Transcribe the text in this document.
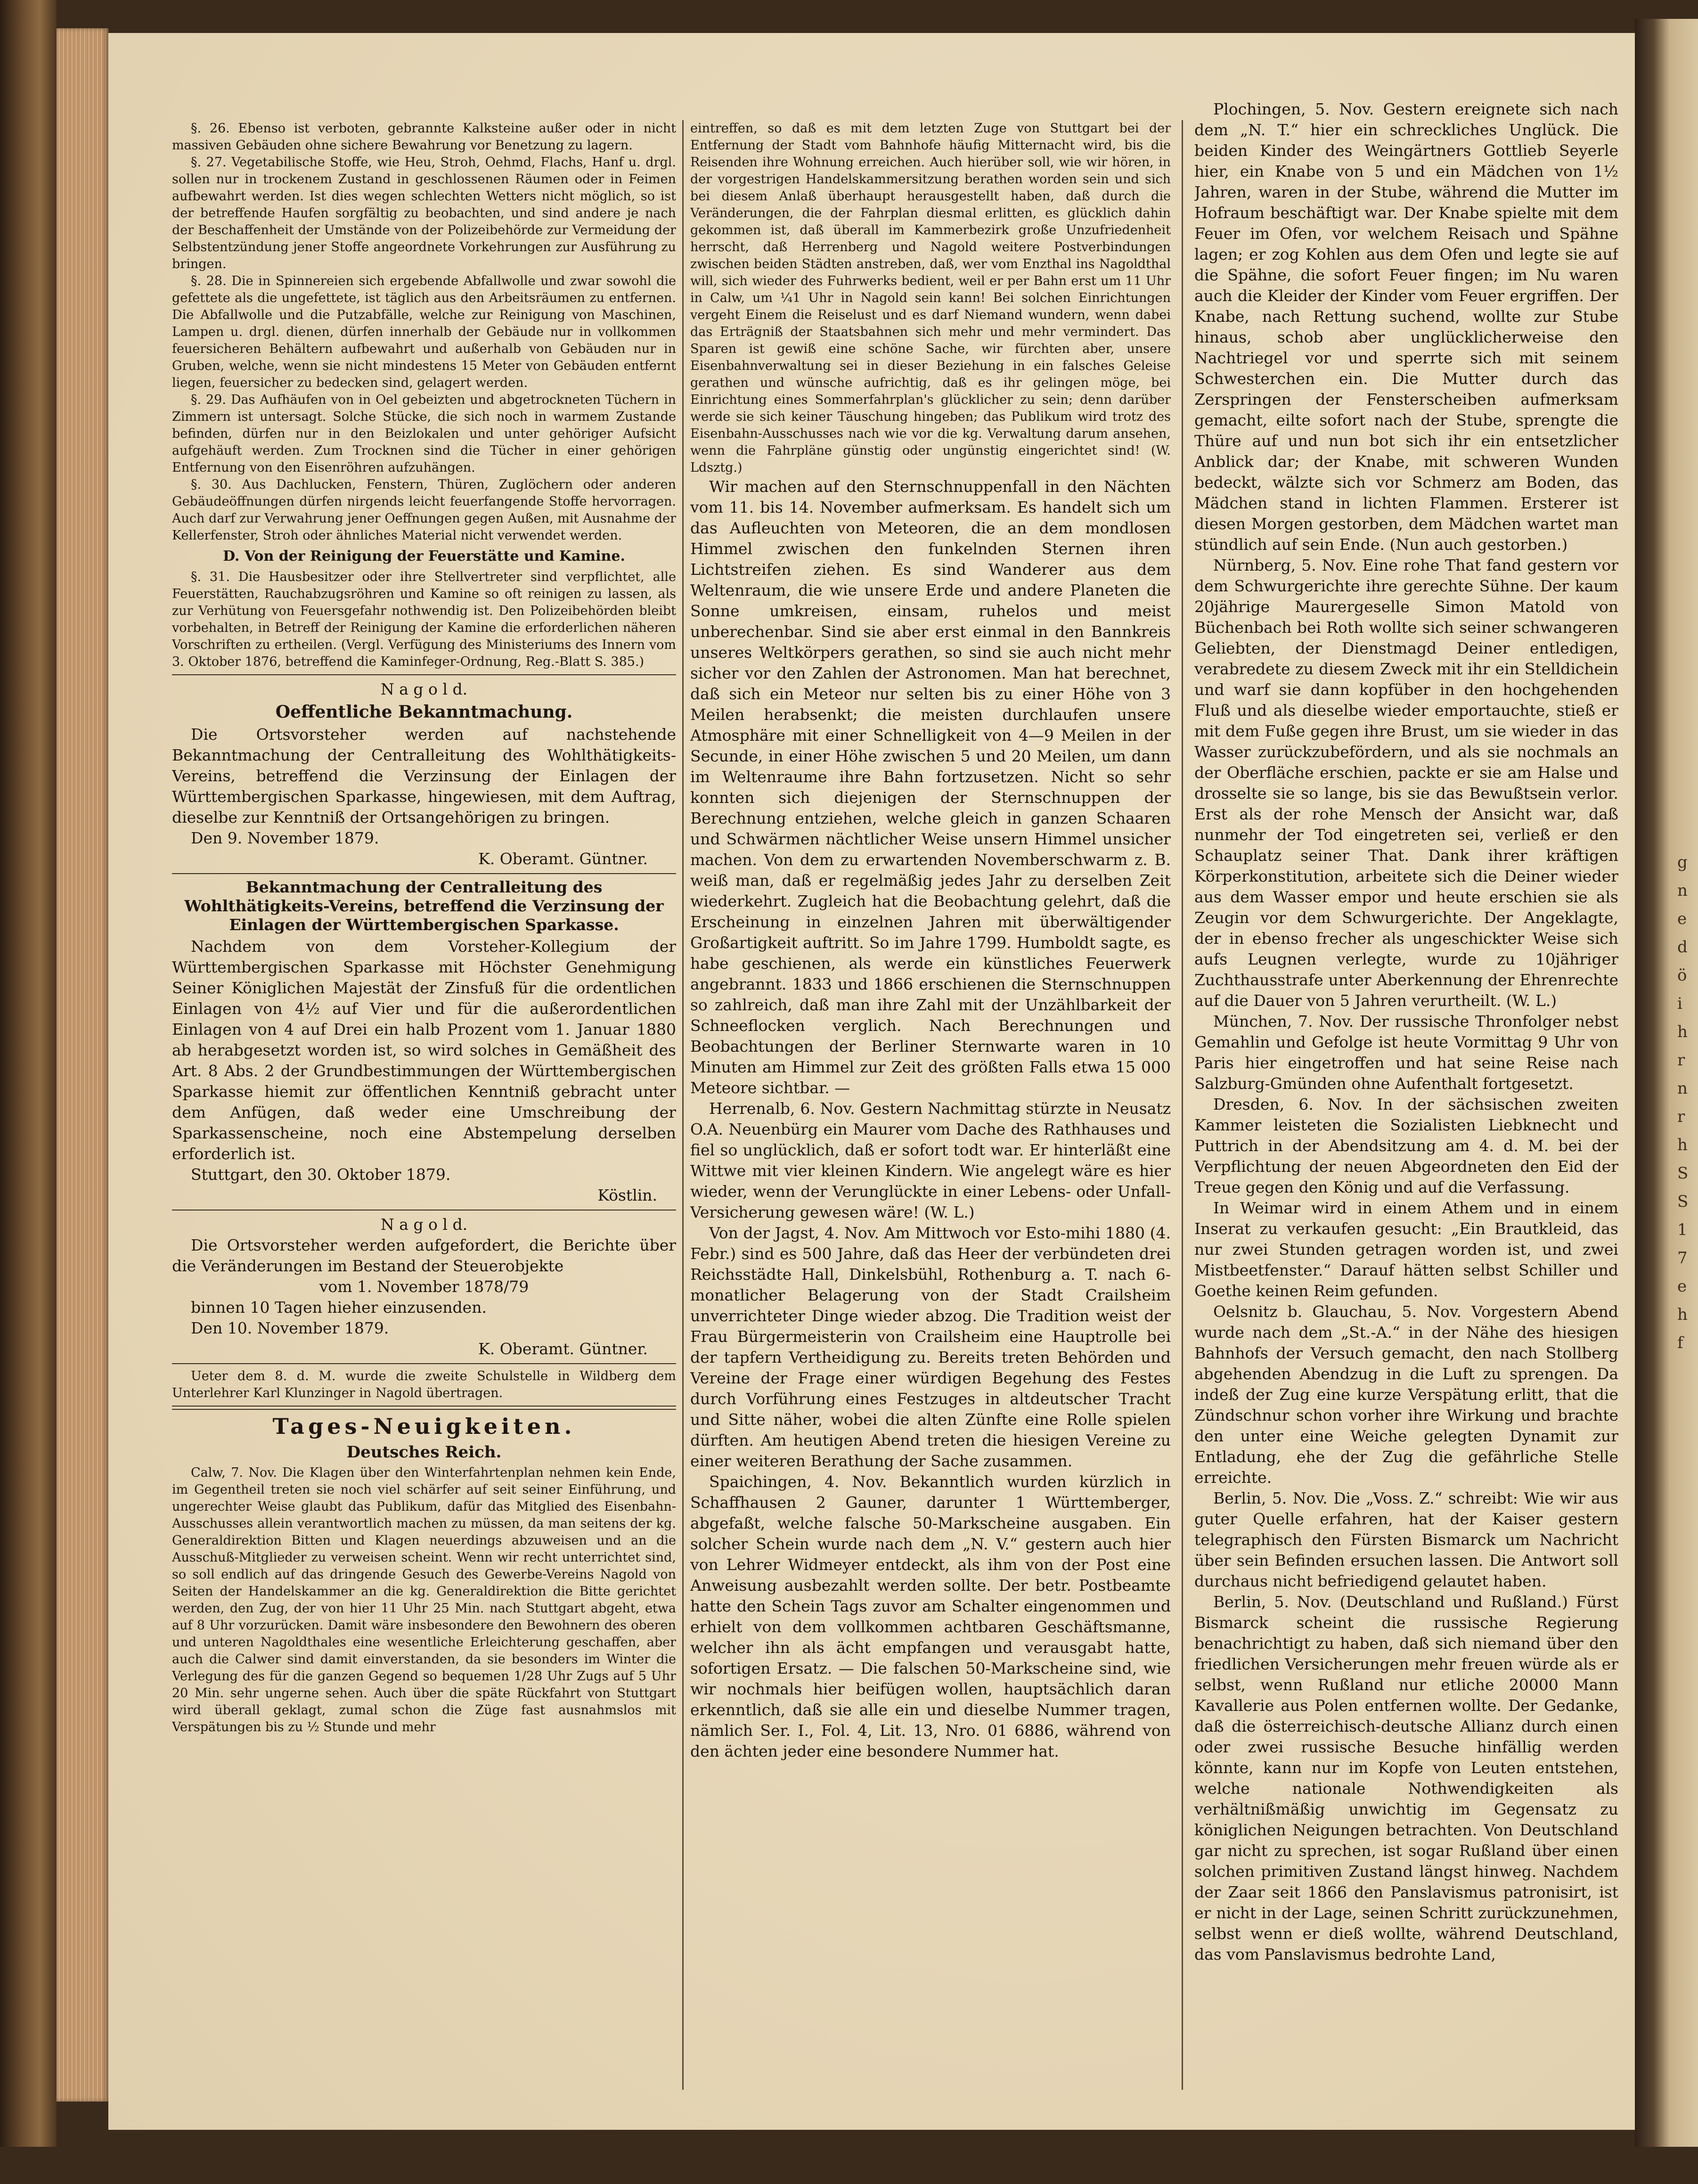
g n e d ö i h r n r h S S 1 7 e h f

§. 26. Ebenso ist verboten, gebrannte Kalksteine außer oder in nicht massiven Gebäuden ohne sichere Bewahrung vor Benetzung zu lagern.

§. 27. Vegetabilische Stoffe, wie Heu, Stroh, Oehmd, Flachs, Hanf u. drgl. sollen nur in trockenem Zustand in geschlossenen Räumen oder in Feimen aufbewahrt werden. Ist dies wegen schlechten Wetters nicht möglich, so ist der betreffende Haufen sorgfältig zu beobachten, und sind andere je nach der Beschaffenheit der Umstände von der Polizeibehörde zur Vermeidung der Selbstentzündung jener Stoffe angeordnete Vorkehrungen zur Ausführung zu bringen.

§. 28. Die in Spinnereien sich ergebende Abfallwolle und zwar sowohl die gefettete als die ungefettete, ist täglich aus den Arbeitsräumen zu entfernen. Die Abfallwolle und die Putzabfälle, welche zur Reinigung von Maschinen, Lampen u. drgl. dienen, dürfen innerhalb der Gebäude nur in vollkommen feuersicheren Behältern aufbewahrt und außerhalb von Gebäuden nur in Gruben, welche, wenn sie nicht mindestens 15 Meter von Gebäuden entfernt liegen, feuersicher zu bedecken sind, gelagert werden.

§. 29. Das Aufhäufen von in Oel gebeizten und abgetrockneten Tüchern in Zimmern ist untersagt. Solche Stücke, die sich noch in warmem Zustande befinden, dürfen nur in den Beizlokalen und unter gehöriger Aufsicht aufgehäuft werden. Zum Trocknen sind die Tücher in einer gehörigen Entfernung von den Eisenröhren aufzuhängen.

§. 30. Aus Dachlucken, Fenstern, Thüren, Zuglöchern oder anderen Gebäudeöffnungen dürfen nirgends leicht feuerfangende Stoffe hervorragen. Auch darf zur Verwahrung jener Oeffnungen gegen Außen, mit Ausnahme der Kellerfenster, Stroh oder ähnliches Material nicht verwendet werden.

D. Von der Reinigung der Feuerstätte und Kamine.

§. 31. Die Hausbesitzer oder ihre Stellvertreter sind verpflichtet, alle Feuerstätten, Rauchabzugsröhren und Kamine so oft reinigen zu lassen, als zur Verhütung von Feuersgefahr nothwendig ist. Den Polizeibehörden bleibt vorbehalten, in Betreff der Reinigung der Kamine die erforderlichen näheren Vorschriften zu ertheilen. (Vergl. Verfügung des Ministeriums des Innern vom 3. Oktober 1876, betreffend die Kaminfeger-Ordnung, Reg.-Blatt S. 385.)

N a g o l d.
Oeffentliche Bekanntmachung.

Die Ortsvorsteher werden auf nachstehende Bekanntmachung der Centralleitung des Wohlthätigkeits-Vereins, betreffend die Verzinsung der Einlagen der Württembergischen Sparkasse, hingewiesen, mit dem Auftrag, dieselbe zur Kenntniß der Ortsangehörigen zu bringen.

Den 9. November 1879.

K. Oberamt. Güntner.

Bekanntmachung der Centralleitung des Wohlthätigkeits-Vereins, betreffend die Verzinsung der Einlagen der Württembergischen Sparkasse.

Nachdem von dem Vorsteher-Kollegium der Württembergischen Sparkasse mit Höchster Genehmigung Seiner Königlichen Majestät der Zinsfuß für die ordentlichen Einlagen von 4½ auf Vier und für die außerordentlichen Einlagen von 4 auf Drei ein halb Prozent vom 1. Januar 1880 ab herabgesetzt worden ist, so wird solches in Gemäßheit des Art. 8 Abs. 2 der Grundbestimmungen der Württembergischen Sparkasse hiemit zur öffentlichen Kenntniß gebracht unter dem Anfügen, daß weder eine Umschreibung der Sparkassenscheine, noch eine Abstempelung derselben erforderlich ist.

Stuttgart, den 30. Oktober 1879.

Köstlin.

N a g o l d.

Die Ortsvorsteher werden aufgefordert, die Berichte über die Veränderungen im Bestand der Steuerobjekte

vom 1. November 1878/79

binnen 10 Tagen hieher einzusenden.

Den 10. November 1879.

K. Oberamt. Güntner.

Ueter dem 8. d. M. wurde die zweite Schulstelle in Wildberg dem Unterlehrer Karl Klunzinger in Nagold übertragen.

Tages-Neuigkeiten.
Deutsches Reich.

Calw, 7. Nov. Die Klagen über den Winterfahrtenplan nehmen kein Ende, im Gegentheil treten sie noch viel schärfer auf seit seiner Einführung, und ungerechter Weise glaubt das Publikum, dafür das Mitglied des Eisenbahn-Ausschusses allein verantwortlich machen zu müssen, da man seitens der kg. Generaldirektion Bitten und Klagen neuerdings abzuweisen und an die Ausschuß-Mitglieder zu verweisen scheint. Wenn wir recht unterrichtet sind, so soll endlich auf das dringende Gesuch des Gewerbe-Vereins Nagold von Seiten der Handelskammer an die kg. Generaldirektion die Bitte gerichtet werden, den Zug, der von hier 11 Uhr 25 Min. nach Stuttgart abgeht, etwa auf 8 Uhr vorzurücken. Damit wäre insbesondere den Bewohnern des oberen und unteren Nagoldthales eine wesentliche Erleichterung geschaffen, aber auch die Calwer sind damit einverstanden, da sie besonders im Winter die Verlegung des für die ganzen Gegend so bequemen 1/28 Uhr Zugs auf 5 Uhr 20 Min. sehr ungerne sehen. Auch über die späte Rückfahrt von Stuttgart wird überall geklagt, zumal schon die Züge fast ausnahmslos mit Verspätungen bis zu ½ Stunde und mehr

eintreffen, so daß es mit dem letzten Zuge von Stuttgart bei der Entfernung der Stadt vom Bahnhofe häufig Mitternacht wird, bis die Reisenden ihre Wohnung erreichen. Auch hierüber soll, wie wir hören, in der vorgestrigen Handelskammersitzung berathen worden sein und sich bei diesem Anlaß überhaupt herausgestellt haben, daß durch die Veränderungen, die der Fahrplan diesmal erlitten, es glücklich dahin gekommen ist, daß überall im Kammerbezirk große Unzufriedenheit herrscht, daß Herrenberg und Nagold weitere Postverbindungen zwischen beiden Städten anstreben, daß, wer vom Enzthal ins Nagoldthal will, sich wieder des Fuhrwerks bedient, weil er per Bahn erst um 11 Uhr in Calw, um ¼1 Uhr in Nagold sein kann! Bei solchen Einrichtungen vergeht Einem die Reiselust und es darf Niemand wundern, wenn dabei das Erträgniß der Staatsbahnen sich mehr und mehr vermindert. Das Sparen ist gewiß eine schöne Sache, wir fürchten aber, unsere Eisenbahnverwaltung sei in dieser Beziehung in ein falsches Geleise gerathen und wünsche aufrichtig, daß es ihr gelingen möge, bei Einrichtung eines Sommerfahrplan's glücklicher zu sein; denn darüber werde sie sich keiner Täuschung hingeben; das Publikum wird trotz des Eisenbahn-Ausschusses nach wie vor die kg. Verwaltung darum ansehen, wenn die Fahrpläne günstig oder ungünstig eingerichtet sind! (W. Ldsztg.)

Wir machen auf den Sternschnuppenfall in den Nächten vom 11. bis 14. November aufmerksam. Es handelt sich um das Aufleuchten von Meteoren, die an dem mondlosen Himmel zwischen den funkelnden Sternen ihren Lichtstreifen ziehen. Es sind Wanderer aus dem Weltenraum, die wie unsere Erde und andere Planeten die Sonne umkreisen, einsam, ruhelos und meist unberechenbar. Sind sie aber erst einmal in den Bannkreis unseres Weltkörpers gerathen, so sind sie auch nicht mehr sicher vor den Zahlen der Astronomen. Man hat berechnet, daß sich ein Meteor nur selten bis zu einer Höhe von 3 Meilen herabsenkt; die meisten durchlaufen unsere Atmosphäre mit einer Schnelligkeit von 4—9 Meilen in der Secunde, in einer Höhe zwischen 5 und 20 Meilen, um dann im Weltenraume ihre Bahn fortzusetzen. Nicht so sehr konnten sich diejenigen der Sternschnuppen der Berechnung entziehen, welche gleich in ganzen Schaaren und Schwärmen nächtlicher Weise unsern Himmel unsicher machen. Von dem zu erwartenden Novemberschwarm z. B. weiß man, daß er regelmäßig jedes Jahr zu derselben Zeit wiederkehrt. Zugleich hat die Beobachtung gelehrt, daß die Erscheinung in einzelnen Jahren mit überwältigender Großartigkeit auftritt. So im Jahre 1799. Humboldt sagte, es habe geschienen, als werde ein künstliches Feuerwerk angebrannt. 1833 und 1866 erschienen die Sternschnuppen so zahlreich, daß man ihre Zahl mit der Unzählbarkeit der Schneeflocken verglich. Nach Berechnungen und Beobachtungen der Berliner Sternwarte waren in 10 Minuten am Himmel zur Zeit des größten Falls etwa 15 000 Meteore sichtbar. —

Herrenalb, 6. Nov. Gestern Nachmittag stürzte in Neusatz O.A. Neuenbürg ein Maurer vom Dache des Rathhauses und fiel so unglücklich, daß er sofort todt war. Er hinterläßt eine Wittwe mit vier kleinen Kindern. Wie angelegt wäre es hier wieder, wenn der Verunglückte in einer Lebens- oder Unfall-Versicherung gewesen wäre! (W. L.)

Von der Jagst, 4. Nov. Am Mittwoch vor Esto-mihi 1880 (4. Febr.) sind es 500 Jahre, daß das Heer der verbündeten drei Reichsstädte Hall, Dinkelsbühl, Rothenburg a. T. nach 6-monatlicher Belagerung von der Stadt Crailsheim unverrichteter Dinge wieder abzog. Die Tradition weist der Frau Bürgermeisterin von Crailsheim eine Hauptrolle bei der tapfern Vertheidigung zu. Bereits treten Behörden und Vereine der Frage einer würdigen Begehung des Festes durch Vorführung eines Festzuges in altdeutscher Tracht und Sitte näher, wobei die alten Zünfte eine Rolle spielen dürften. Am heutigen Abend treten die hiesigen Vereine zu einer weiteren Berathung der Sache zusammen.

Spaichingen, 4. Nov. Bekanntlich wurden kürzlich in Schaffhausen 2 Gauner, darunter 1 Württemberger, abgefaßt, welche falsche 50-Markscheine ausgaben. Ein solcher Schein wurde nach dem „N. V.“ gestern auch hier von Lehrer Widmeyer entdeckt, als ihm von der Post eine Anweisung ausbezahlt werden sollte. Der betr. Postbeamte hatte den Schein Tags zuvor am Schalter eingenommen und erhielt von dem vollkommen achtbaren Geschäftsmanne, welcher ihn als ächt empfangen und verausgabt hatte, sofortigen Ersatz. — Die falschen 50-Markscheine sind, wie wir nochmals hier beifügen wollen, hauptsächlich daran erkenntlich, daß sie alle ein und dieselbe Nummer tragen, nämlich Ser. I., Fol. 4, Lit. 13, Nro. 01 6886, während von den ächten jeder eine besondere Nummer hat.

Plochingen, 5. Nov. Gestern ereignete sich nach dem „N. T.“ hier ein schreckliches Unglück. Die beiden Kinder des Weingärtners Gottlieb Seyerle hier, ein Knabe von 5 und ein Mädchen von 1½ Jahren, waren in der Stube, während die Mutter im Hofraum beschäftigt war. Der Knabe spielte mit dem Feuer im Ofen, vor welchem Reisach und Spähne lagen; er zog Kohlen aus dem Ofen und legte sie auf die Spähne, die sofort Feuer fingen; im Nu waren auch die Kleider der Kinder vom Feuer ergriffen. Der Knabe, nach Rettung suchend, wollte zur Stube hinaus, schob aber unglücklicherweise den Nachtriegel vor und sperrte sich mit seinem Schwesterchen ein. Die Mutter durch das Zerspringen der Fensterscheiben aufmerksam gemacht, eilte sofort nach der Stube, sprengte die Thüre auf und nun bot sich ihr ein entsetzlicher Anblick dar; der Knabe, mit schweren Wunden bedeckt, wälzte sich vor Schmerz am Boden, das Mädchen stand in lichten Flammen. Ersterer ist diesen Morgen gestorben, dem Mädchen wartet man stündlich auf sein Ende. (Nun auch gestorben.)

Nürnberg, 5. Nov. Eine rohe That fand gestern vor dem Schwurgerichte ihre gerechte Sühne. Der kaum 20jährige Maurergeselle Simon Matold von Büchenbach bei Roth wollte sich seiner schwangeren Geliebten, der Dienstmagd Deiner entledigen, verabredete zu diesem Zweck mit ihr ein Stelldichein und warf sie dann kopfüber in den hochgehenden Fluß und als dieselbe wieder emportauchte, stieß er mit dem Fuße gegen ihre Brust, um sie wieder in das Wasser zurückzubefördern, und als sie nochmals an der Oberfläche erschien, packte er sie am Halse und drosselte sie so lange, bis sie das Bewußtsein verlor. Erst als der rohe Mensch der Ansicht war, daß nunmehr der Tod eingetreten sei, verließ er den Schauplatz seiner That. Dank ihrer kräftigen Körperkonstitution, arbeitete sich die Deiner wieder aus dem Wasser empor und heute erschien sie als Zeugin vor dem Schwurgerichte. Der Angeklagte, der in ebenso frecher als ungeschickter Weise sich aufs Leugnen verlegte, wurde zu 10jähriger Zuchthausstrafe unter Aberkennung der Ehrenrechte auf die Dauer von 5 Jahren verurtheilt. (W. L.)

München, 7. Nov. Der russische Thronfolger nebst Gemahlin und Gefolge ist heute Vormittag 9 Uhr von Paris hier eingetroffen und hat seine Reise nach Salzburg-Gmünden ohne Aufenthalt fortgesetzt.

Dresden, 6. Nov. In der sächsischen zweiten Kammer leisteten die Sozialisten Liebknecht und Puttrich in der Abendsitzung am 4. d. M. bei der Verpflichtung der neuen Abgeordneten den Eid der Treue gegen den König und auf die Verfassung.

In Weimar wird in einem Athem und in einem Inserat zu verkaufen gesucht: „Ein Brautkleid, das nur zwei Stunden getragen worden ist, und zwei Mistbeetfenster.“ Darauf hätten selbst Schiller und Goethe keinen Reim gefunden.

Oelsnitz b. Glauchau, 5. Nov. Vorgestern Abend wurde nach dem „St.-A.“ in der Nähe des hiesigen Bahnhofs der Versuch gemacht, den nach Stollberg abgehenden Abendzug in die Luft zu sprengen. Da indeß der Zug eine kurze Verspätung erlitt, that die Zündschnur schon vorher ihre Wirkung und brachte den unter eine Weiche gelegten Dynamit zur Entladung, ehe der Zug die gefährliche Stelle erreichte.

Berlin, 5. Nov. Die „Voss. Z.“ schreibt: Wie wir aus guter Quelle erfahren, hat der Kaiser gestern telegraphisch den Fürsten Bismarck um Nachricht über sein Befinden ersuchen lassen. Die Antwort soll durchaus nicht befriedigend gelautet haben.

Berlin, 5. Nov. (Deutschland und Rußland.) Fürst Bismarck scheint die russische Regierung benachrichtigt zu haben, daß sich niemand über den friedlichen Versicherungen mehr freuen würde als er selbst, wenn Rußland nur etliche 20000 Mann Kavallerie aus Polen entfernen wollte. Der Gedanke, daß die österreichisch-deutsche Allianz durch einen oder zwei russische Besuche hinfällig werden könnte, kann nur im Kopfe von Leuten entstehen, welche nationale Nothwendigkeiten als verhältnißmäßig unwichtig im Gegensatz zu königlichen Neigungen betrachten. Von Deutschland gar nicht zu sprechen, ist sogar Rußland über einen solchen primitiven Zustand längst hinweg. Nachdem der Zaar seit 1866 den Panslavismus patronisirt, ist er nicht in der Lage, seinen Schritt zurückzunehmen, selbst wenn er dieß wollte, während Deutschland, das vom Panslavismus bedrohte Land,
